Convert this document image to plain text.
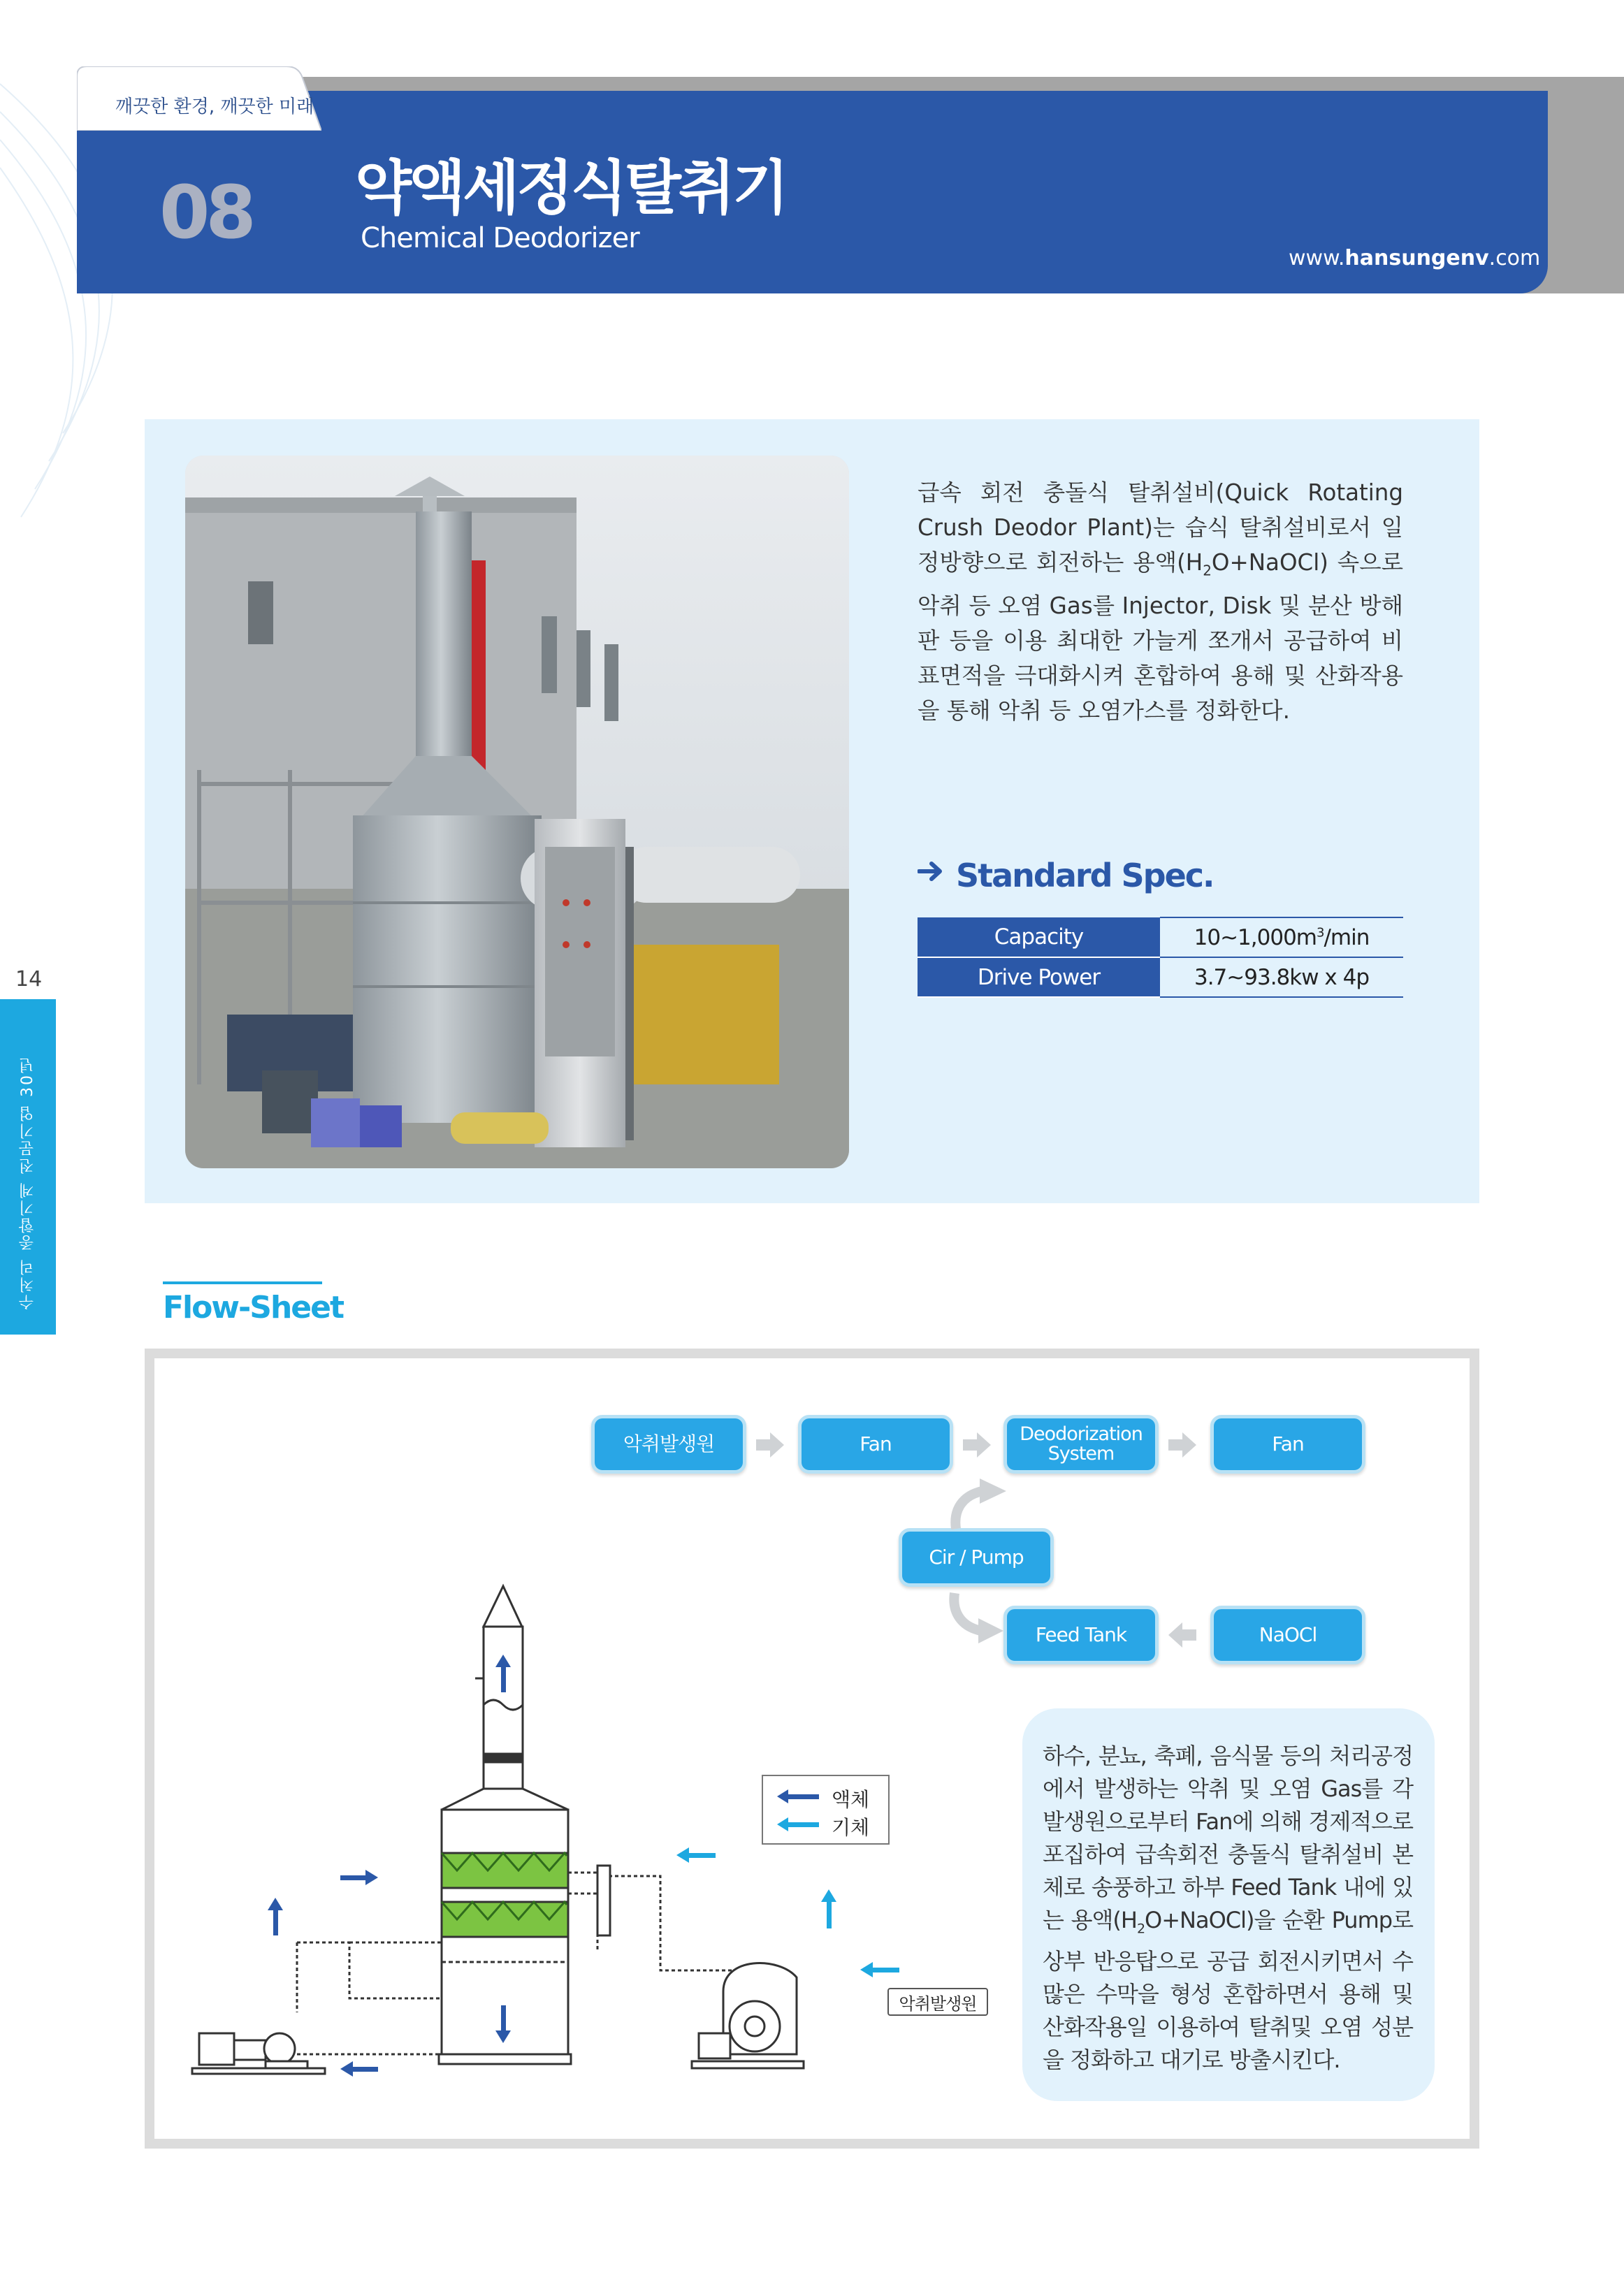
깨끗한 환경, 깨끗한 미래
08 약액세정식탈취기
Chemical Deodorizer
www.hansungenv.com
14
수처리 종합기계 전문기업 30년
급속 회전 충돌식 탈취설비(Quick Rotating Crush Deodor Plant)는 습식 탈취설비로서 일정방향으로 회전하는 용액$(H_2O+NaOCl)$ 속으로 악취 등 오염 Gas를 Injector, Disk 및 분산 방해판 등을 이용 최대한 가늘게 쪼개서 공급하여 비표면적을 극대화시켜 혼합하여 용해 및 산화작용을 통해 악취 등 오염가스를 정화한다.
Standard Spec.
Capacity	$10\sim 1,000m^3/\min$
Drive Power	3.7~93.8kw x 4p
Flow-Sheet
악취발생원	Fan	Deodorization
System	Fan
Cir / Pump
Feed Tank	NaOCl
액체
기체
악취발생원
하수, 분뇨, 축폐, 음식물 등의 처리공정에서 발생하는 악취 및 오염 Gas를 각 발생원으로부터 Fan에 의해 경제적으로 포집하여 급속회전 충돌식 탈취설비 본체로 송풍하고 하부 Feed Tank 내에 있는 용액$(H_2O+NaOCl)$을 순환 Pump로 상부 반응탑으로 공급 회전시키면서 수 많은 수막을 형성 혼합하면서 용해 및 산화작용일 이용하여 탈취및 오염 성분을 정화하고 대기로 방출시킨다.
